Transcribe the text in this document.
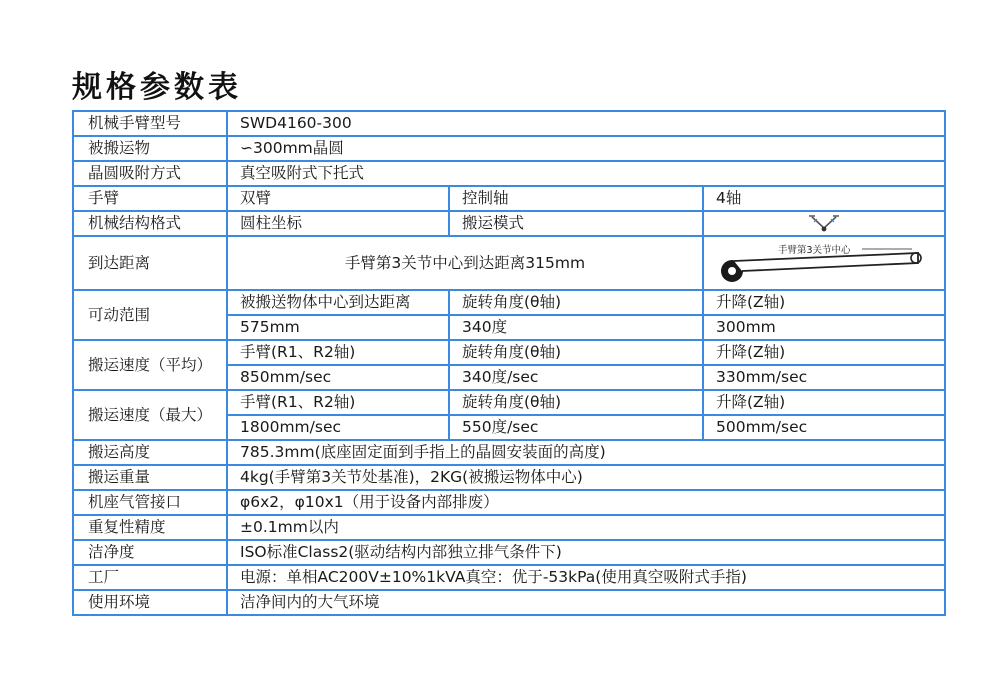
规格参数表
机械手臂型号	SWD4160-300		
被搬运物	∽300mm晶圆		
晶圆吸附方式	真空吸附式下托式		
手臂	双臂	控制轴	4轴
机械结构格式	圆柱坐标	搬运模式	

到达距离	手臂第3关节中心到达距离315mm		手臂第3关节中心

可动范围	被搬送物体中心到达距离	旋转角度(θ轴)	升降(Z轴)
	575mm	340度	300mm
搬运速度（平均）	手臂(R1、R2轴)	旋转角度(θ轴)	升降(Z轴)
	850mm/sec	340度/sec	330mm/sec
搬运速度（最大）	手臂(R1、R2轴)	旋转角度(θ轴)	升降(Z轴)
	1800mm/sec	550度/sec	500mm/sec
搬运高度	785.3mm(底座固定面到手指上的晶圆安装面的高度)		
搬运重量	4kg(手臂第3关节处基准)，2KG(被搬运物体中心)		
机座气管接口	φ6x2，φ10x1（用于设备内部排废）		
重复性精度	±0.1mm以内		
洁净度	ISO标准Class2(驱动结构内部独立排气条件下)		
工厂	电源：单相AC200V±10%1kVA真空：优于-53kPa(使用真空吸附式手指)		
使用环境	洁净间内的大气环境		
